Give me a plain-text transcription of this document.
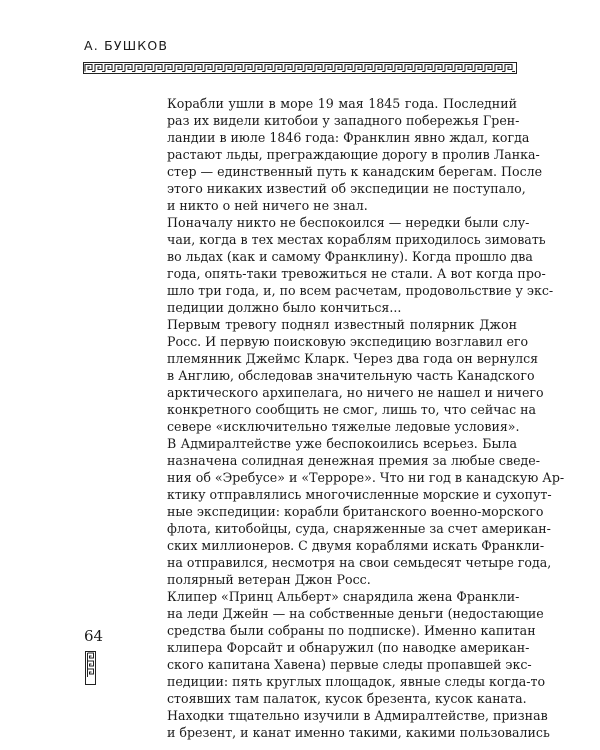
А. БУШКОВ

Корабли ушли в море 19 мая 1845 года. Последний
раз их видели китобои у западного побережья Грен-
ландии в июле 1846 года: Франклин явно ждал, когда
растают льды, преграждающие дорогу в пролив Ланка-
стер — единственный путь к канадским берегам. После
этого никаких известий об экспедиции не поступало,
и никто о ней ничего не знал.

Поначалу никто не беспокоился — нередки были слу-
чаи, когда в тех местах кораблям приходилось зимовать
во льдах (как и самому Франклину). Когда прошло два
года, опять-таки тревожиться не стали. А вот когда про-
шло три года, и, по всем расчетам, продовольствие у экс-
педиции должно было кончиться...

Первым тревогу поднял известный полярник Джон
Росс. И первую поисковую экспедицию возглавил его
племянник Джеймс Кларк. Через два года он вернулся
в Англию, обследовав значительную часть Канадского
арктического архипелага, но ничего не нашел и ничего
конкретного сообщить не смог, лишь то, что сейчас на
севере «исключительно тяжелые ледовые условия».

В Адмиралтействе уже беспокоились всерьез. Была
назначена солидная денежная премия за любые сведе-
ния об «Эребусе» и «Терроре». Что ни год в канадскую Ар-
ктику отправлялись многочисленные морские и сухопут-
ные экспедиции: корабли британского военно-морского
флота, китобойцы, суда, снаряженные за счет американ-
ских миллионеров. С двумя кораблями искать Франкли-
на отправился, несмотря на свои семьдесят четыре года,
полярный ветеран Джон Росс.

Клипер «Принц Альберт» снарядила жена Франкли-
на леди Джейн — на собственные деньги (недостающие
средства были собраны по подписке). Именно капитан
клипера Форсайт и обнаружил (по наводке американ-
ского капитана Хавена) первые следы пропавшей экс-
педиции: пять круглых площадок, явные следы когда-то
стоявших там палаток, кусок брезента, кусок каната.
Находки тщательно изучили в Адмиралтействе, признав
и брезент, и канат именно такими, какими пользовались

64
